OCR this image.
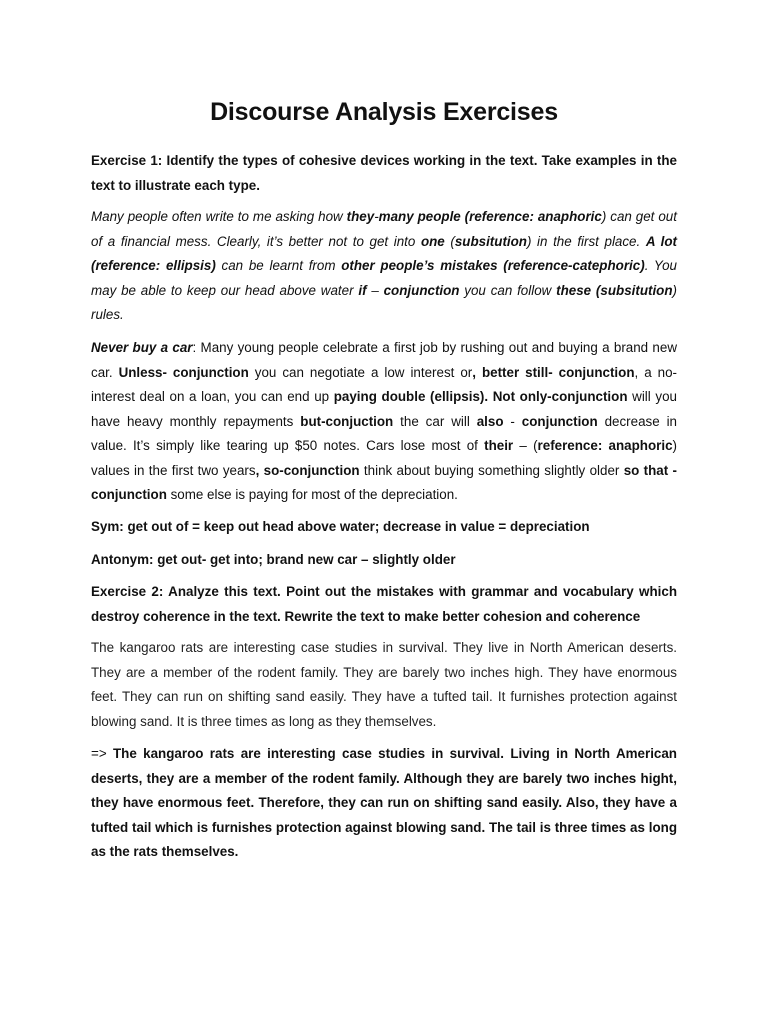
Discourse Analysis Exercises

Exercise 1: Identify the types of cohesive devices working in the text. Take examples in the text to illustrate each type.

Many people often write to me asking how they-many people (reference: anaphoric) can get out of a financial mess. Clearly, it’s better not to get into one (subsitution) in the first place. A lot (reference: ellipsis) can be learnt from other people’s mistakes (reference-catephoric). You may be able to keep our head above water if – conjunction you can follow these (subsitution) rules.

Never buy a car: Many young people celebrate a first job by rushing out and buying a brand new car. Unless- conjunction you can negotiate a low interest or, better still- conjunction, a no-interest deal on a loan, you can end up paying double (ellipsis). Not only-conjunction will you have heavy monthly repayments but-conjuction the car will also - conjunction decrease in value. It’s simply like tearing up $50 notes. Cars lose most of their – (reference: anaphoric) values in the first two years, so-conjunction think about buying something slightly older so that - conjunction some else is paying for most of the depreciation.

Sym: get out of = keep out head above water; decrease in value = depreciation

Antonym: get out- get into; brand new car – slightly older

Exercise 2: Analyze this text. Point out the mistakes with grammar and vocabulary which destroy coherence in the text. Rewrite the text to make better cohesion and coherence

The kangaroo rats are interesting case studies in survival. They live in North American deserts. They are a member of the rodent family. They are barely two inches high. They have enormous feet. They can run on shifting sand easily. They have a tufted tail. It furnishes protection against blowing sand. It is three times as long as they themselves.

=> The kangaroo rats are interesting case studies in survival. Living in North American deserts, they are a member of the rodent family. Although they are barely two inches hight, they have enormous feet. Therefore, they can run on shifting sand easily. Also, they have a tufted tail which is furnishes protection against blowing sand. The tail is three times as long as the rats themselves.
